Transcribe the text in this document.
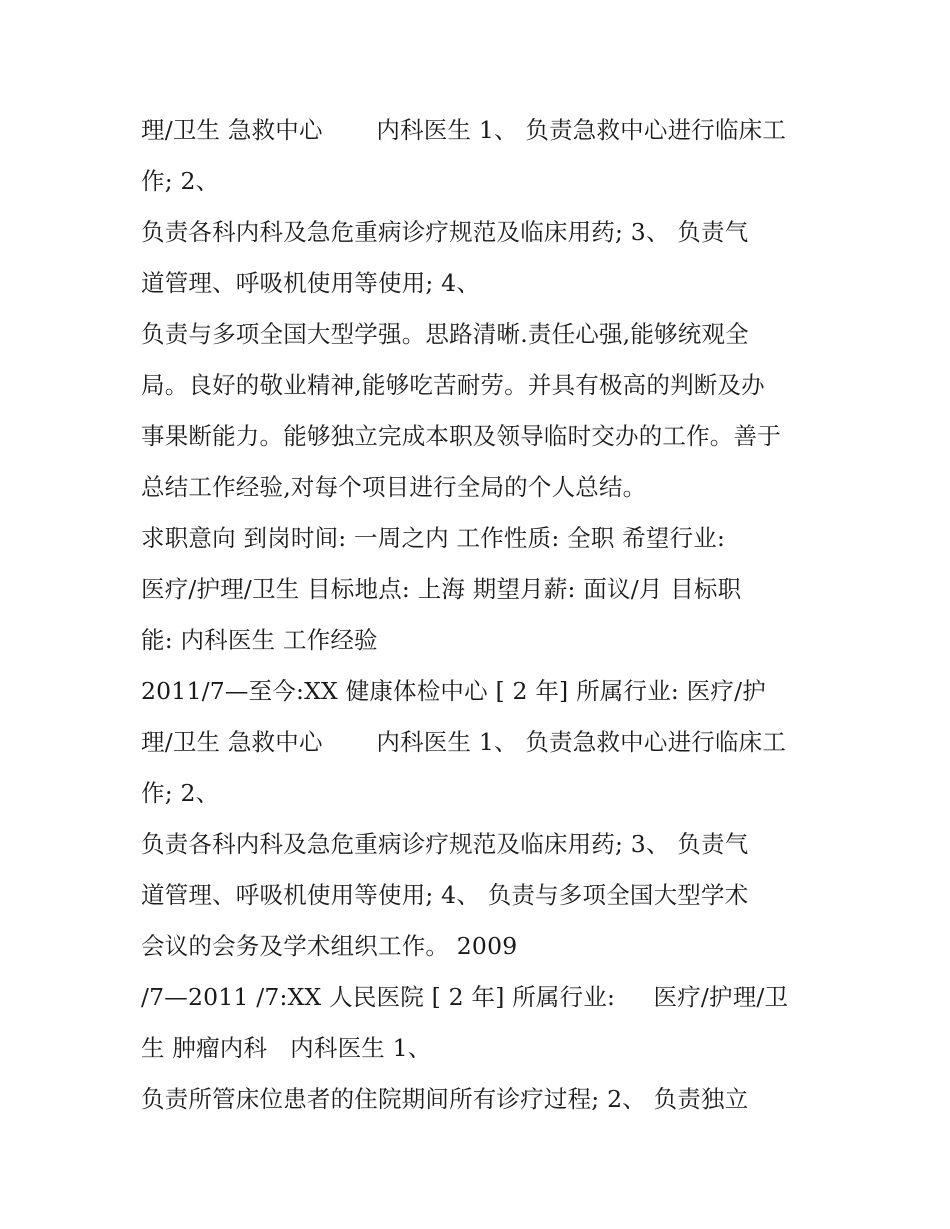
理/卫生 急救中心       内科医生 1、 负责急救中心进行临床工
作; 2、
负责各科内科及急危重病诊疗规范及临床用药; 3、 负责气
道管理、呼吸机使用等使用; 4、
负责与多项全国大型学强。思路清晰.责任心强,能够统观全
局。良好的敬业精神,能够吃苦耐劳。并具有极高的判断及办
事果断能力。能够独立完成本职及领导临时交办的工作。善于
总结工作经验,对每个项目进行全局的个人总结。
求职意向 到岗时间: 一周之内 工作性质: 全职 希望行业:
医疗/护理/卫生 目标地点: 上海 期望月薪: 面议/月 目标职
能: 内科医生 工作经验
2011/7—至今:XX 健康体检中心 [ 2 年] 所属行业: 医疗/护
理/卫生 急救中心       内科医生 1、 负责急救中心进行临床工
作; 2、
负责各科内科及急危重病诊疗规范及临床用药; 3、 负责气
道管理、呼吸机使用等使用; 4、 负责与多项全国大型学术
会议的会务及学术组织工作。 2009
/7—2011 /7:XX 人民医院 [ 2 年] 所属行业:     医疗/护理/卫
生 肿瘤内科   内科医生 1、
负责所管床位患者的住院期间所有诊疗过程; 2、 负责独立
